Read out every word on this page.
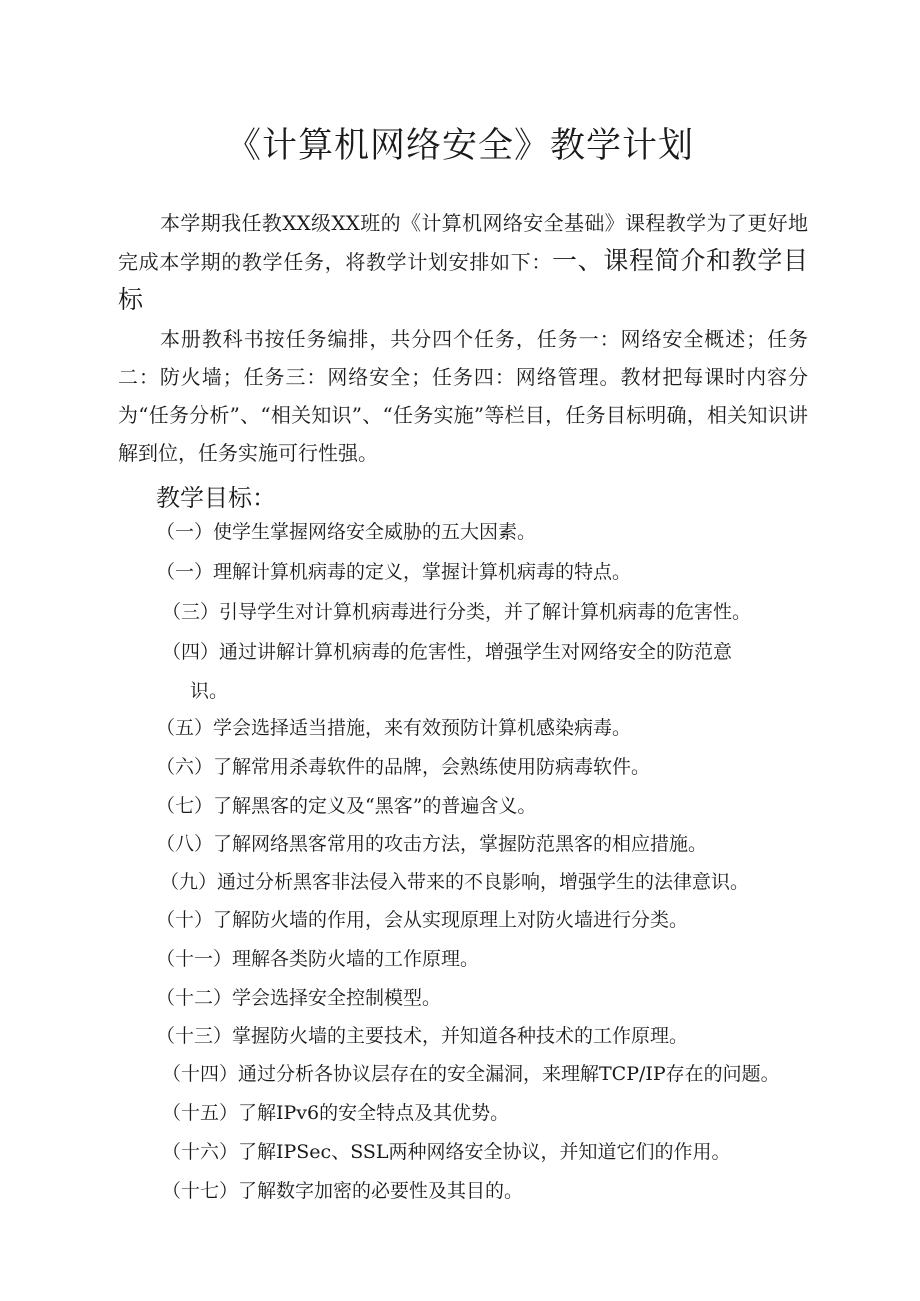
《计算机网络安全》教学计划
本学期我任教XX级XX班的《计算机网络安全基础》课程教学为了更好地完成本学期的教学任务，将教学计划安排如下：一、课程简介和教学目标
本册教科书按任务编排，共分四个任务，任务一：网络安全概述；任务二：防火墙；任务三：网络安全；任务四：网络管理。教材把每课时内容分为“任务分析”、“相关知识”、“任务实施”等栏目，任务目标明确，相关知识讲解到位，任务实施可行性强。
教学目标：
（一）使学生掌握网络安全威胁的五大因素。
（一）理解计算机病毒的定义，掌握计算机病毒的特点。
（三）引导学生对计算机病毒进行分类，并了解计算机病毒的危害性。
（四）通过讲解计算机病毒的危害性，增强学生对网络安全的防范意
识。
（五）学会选择适当措施，来有效预防计算机感染病毒。
（六）了解常用杀毒软件的品牌，会熟练使用防病毒软件。
（七）了解黑客的定义及“黑客”的普遍含义。
（八）了解网络黑客常用的攻击方法，掌握防范黑客的相应措施。
（九）通过分析黑客非法侵入带来的不良影响，增强学生的法律意识。
（十）了解防火墙的作用，会从实现原理上对防火墙进行分类。
（十一）理解各类防火墙的工作原理。
（十二）学会选择安全控制模型。
（十三）掌握防火墙的主要技术，并知道各种技术的工作原理。
（十四）通过分析各协议层存在的安全漏洞，来理解TCP/IP存在的问题。
（十五）了解IPv6的安全特点及其优势。
（十六）了解IPSec、SSL两种网络安全协议，并知道它们的作用。
（十七）了解数字加密的必要性及其目的。
